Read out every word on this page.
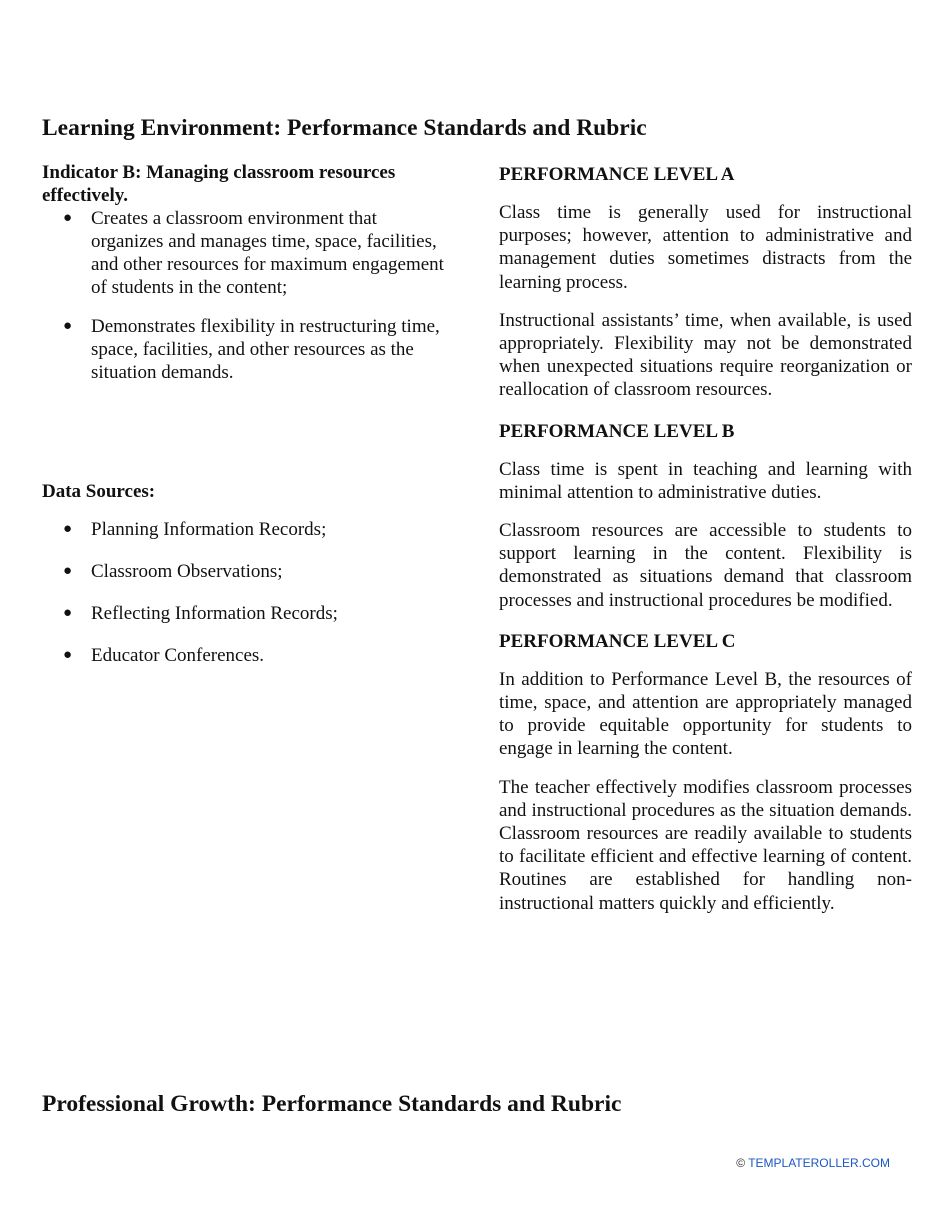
Learning Environment: Performance Standards and Rubric
Indicator B: Managing classroom resources effectively.
● Creates a classroom environment that organizes and manages time, space, facilities, and other resources for maximum engagement of students in the content;
● Demonstrates flexibility in restructuring time, space, facilities, and other resources as the situation demands.
Data Sources:
● Planning Information Records;
● Classroom Observations;
● Reflecting Information Records;
● Educator Conferences.
PERFORMANCE LEVEL A

Class time is generally used for instructional purposes; however, attention to administrative and management duties sometimes distracts from the learning process.

Instructional assistants’ time, when available, is used appropriately. Flexibility may not be demonstrated when unexpected situations require reorganization or reallocation of classroom resources.

PERFORMANCE LEVEL B

Class time is spent in teaching and learning with minimal attention to administrative duties.

Classroom resources are accessible to students to support learning in the content. Flexibility is demonstrated as situations demand that classroom processes and instructional procedures be modified.

PERFORMANCE LEVEL C

In addition to Performance Level B, the resources of time, space, and attention are appropriately managed to provide equitable opportunity for students to engage in learning the content.

The teacher effectively modifies classroom processes and instructional procedures as the situation demands. Classroom resources are readily available to students to facilitate efficient and effective learning of content. Routines are established for handling non-instructional matters quickly and efficiently.

Professional Growth: Performance Standards and Rubric
© TEMPLATEROLLER.COM
